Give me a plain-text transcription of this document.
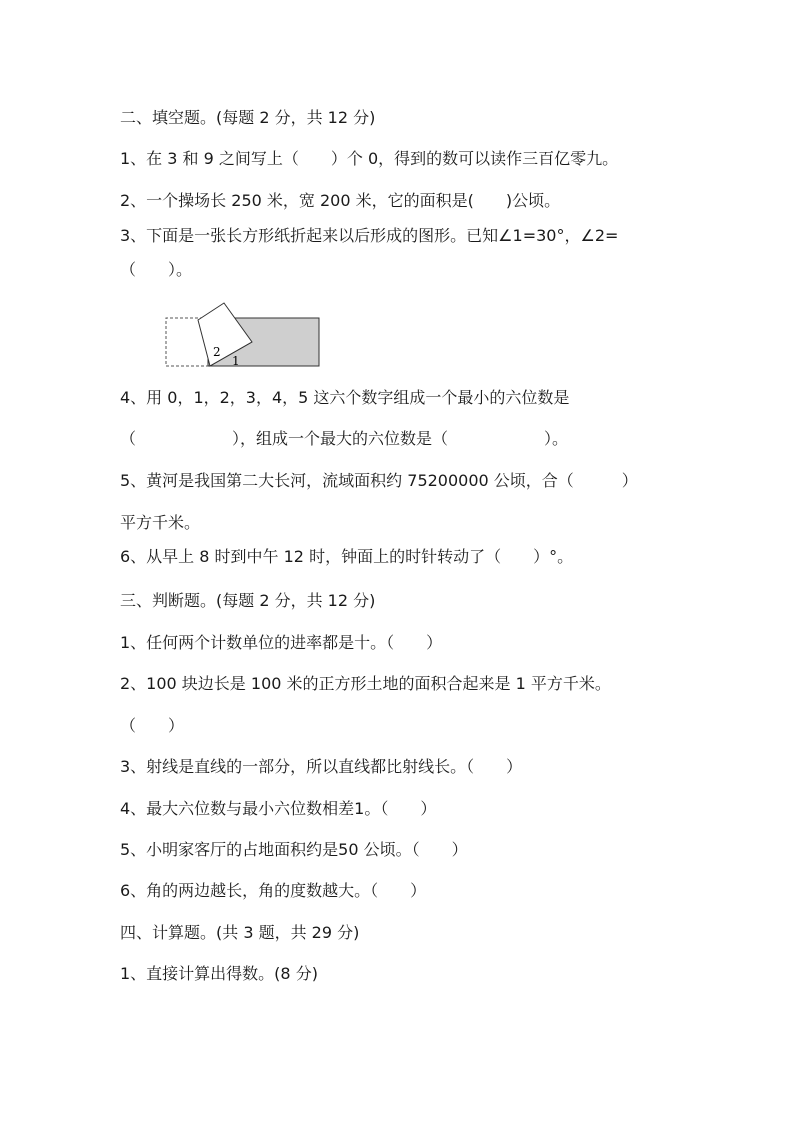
二、填空题。(每题 2 分，共 12 分)
1、在 3 和 9 之间写上（　　）个 0，得到的数可以读作三百亿零九。
2、一个操场长 250 米，宽 200 米，它的面积是(　　)公顷。
3、下面是一张长方形纸折起来以后形成的图形。已知∠1=30°，∠2=
（　　）。
2
1
4、用 0，1，2，3，4，5 这六个数字组成一个最小的六位数是
（　　　　　　），组成一个最大的六位数是（　　　　　　）。
5、黄河是我国第二大长河，流域面积约 75200000 公顷，合（　　　）
平方千米。
6、从早上 8 时到中午 12 时，钟面上的时针转动了（　　）°。
三、判断题。(每题 2 分，共 12 分)
1、任何两个计数单位的进率都是十。（　　）
2、100 块边长是 100 米的正方形土地的面积合起来是 1 平方千米。
（　　）
3、射线是直线的一部分，所以直线都比射线长。（　　）
4、最大六位数与最小六位数相差1。（　　）
5、小明家客厅的占地面积约是50 公顷。（　　）
6、角的两边越长，角的度数越大。（　　）
四、计算题。(共 3 题，共 29 分)
1、直接计算出得数。(8 分)
